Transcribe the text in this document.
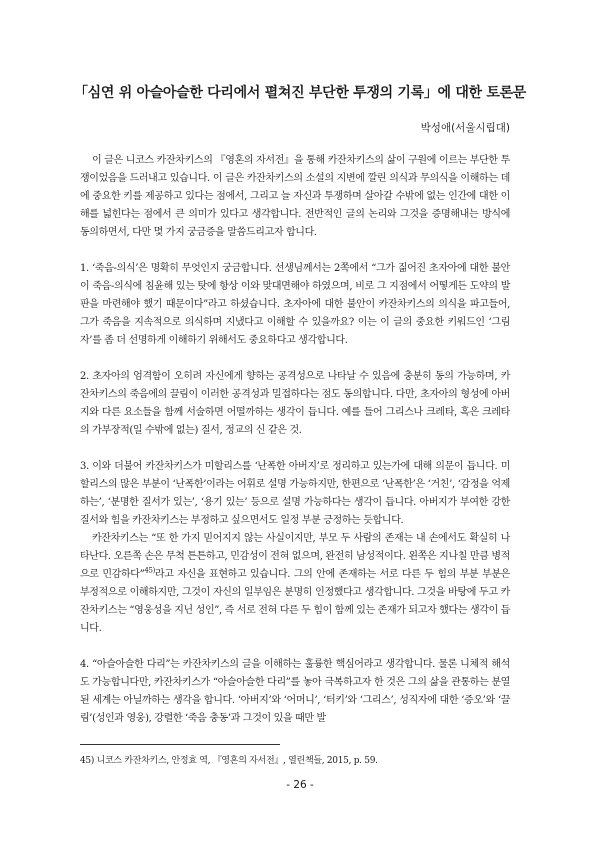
「심연 위 아슬아슬한 다리에서 펼쳐진 부단한 투쟁의 기록」에 대한 토론문
박성애(서울시립대)

이 글은 니코스 카잔차키스의 『영혼의 자서전』을 통해 카잔차키스의 삶이 구원에 이르는 부단한 투쟁이었음을 드러내고 있습니다. 이 글은 카잔차키스의 소설의 지변에 깔린 의식과 무의식을 이해하는 데에 중요한 키를 제공하고 있다는 점에서, 그리고 늘 자신과 투쟁하며 살아갈 수밖에 없는 인간에 대한 이해를 넓힌다는 점에서 큰 의미가 있다고 생각합니다. 전반적인 글의 논리와 그것을 증명해내는 방식에 동의하면서, 다만 몇 가지 궁금증을 말씀드리고자 합니다.

1. ‘죽음-의식’은 명확히 무엇인지 궁금합니다. 선생님께서는 2쪽에서 “그가 짊어진 초자아에 대한 불안이 죽음-의식에 침윤해 있는 탓에 항상 이와 맞대면해야 하였으며, 비로 그 지점에서 어떻게든 도약의 발판을 마련해야 했기 때문이다”라고 하셨습니다. 초자아에 대한 불안이 카잔차키스의 의식을 파고들어, 그가 죽음을 지속적으로 의식하며 지냈다고 이해할 수 있을까요? 이는 이 글의 중요한 키워드인 ‘그림자’를 좀 더 선명하게 이해하기 위해서도 중요하다고 생각합니다.

2. 초자아의 엄격함이 오히려 자신에게 향하는 공격성으로 나타날 수 있음에 충분히 동의 가능하며, 카잔차키스의 죽음에의 끌림이 이러한 공격성과 밀접하다는 점도 동의합니다. 다만, 초자아의 형성에 아버지와 다른 요소들을 함께 서술하면 어떨까하는 생각이 듭니다. 예를 들어 그리스나 크레타, 혹은 크레타의 가부장적(일 수밖에 없는) 질서, 정교의 신 같은 것.

3. 이와 더불어 카잔차키스가 미할리스를 ‘난폭한 아버지’로 정리하고 있는가에 대해 의문이 듭니다. 미할리스의 많은 부분이 ‘난폭한’이라는 어휘로 설명 가능하지만, 한편으로 ‘난폭한’은 ‘거친’, ‘감정을 억제하는’, ‘분명한 질서가 있는’, ‘용기 있는’ 등으로 설명 가능하다는 생각이 듭니다. 아버지가 부여한 강한 질서와 힘을 카잔차키스는 부정하고 싶으면서도 일정 부분 긍정하는 듯합니다.

카잔차키스는 “또 한 가지 믿어지지 않는 사실이지만, 부모 두 사람의 존재는 내 손에서도 확실히 나타난다. 오른쪽 손은 무척 튼튼하고, 민감성이 전혀 없으며, 완전히 남성적이다. 왼쪽은 지나칠 만큼 병적으로 민감하다”$^{45)}$라고 자신을 표현하고 있습니다. 그의 안에 존재하는 서로 다른 두 힘의 부분 부분은 부정적으로 이해하지만, 그것이 자신의 일부임은 분명히 인정했다고 생각합니다. 그것을 바탕에 두고 카잔차키스는 “영웅성을 지닌 성인”, 즉 서로 전혀 다른 두 힘이 함께 있는 존재가 되고자 했다는 생각이 듭니다.

4. “아슬아슬한 다리”는 카잔차키스의 글을 이해하는 훌륭한 핵심어라고 생각합니다. 물론 니체적 해석도 가능합니다만, 카잔차키스가 “아슬아슬한 다리”를 놓아 극복하고자 한 것은 그의 삶을 관통하는 분열된 세계는 아닐까하는 생각을 합니다. ‘아버지’와 ‘어머니’, ‘터키’와 ‘그리스’, 성직자에 대한 ‘증오’와 ‘끌림’(성인과 영웅), 강렬한 ‘죽음 충동’과 그것이 있을 때만 발

45) 니코스 카잔차키스, 안정효 역, 『영혼의 자서전』, 열린책들, 2015, p. 59.
- 26 -
